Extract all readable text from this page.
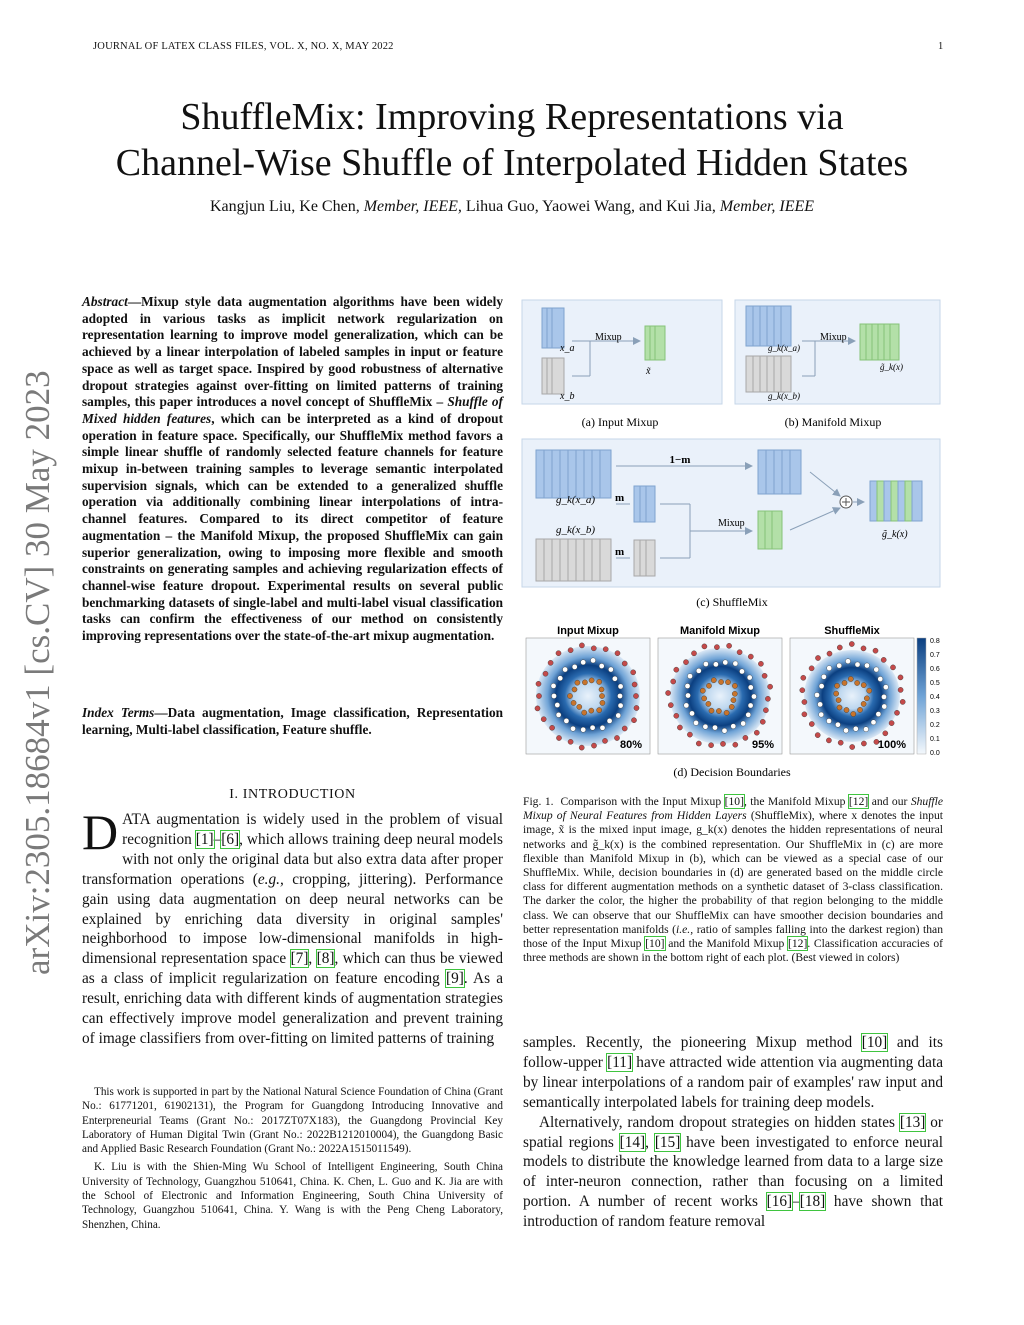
JOURNAL OF LATEX CLASS FILES, VOL. X, NO. X, MAY 2022	1
ShuffleMix: Improving Representations via
Channel-Wise Shuffle of Interpolated Hidden States
Kangjun Liu, Ke Chen, Member, IEEE, Lihua Guo, Yaowei Wang, and Kui Jia, Member, IEEE
arXiv:2305.18684v1 [cs.CV] 30 May 2023
Abstract—Mixup style data augmentation algorithms have been widely adopted in various tasks as implicit network regularization on representation learning to improve model generalization, which can be achieved by a linear interpolation of labeled samples in input or feature space as well as target space. Inspired by good robustness of alternative dropout strategies against over-fitting on limited patterns of training samples, this paper introduces a novel concept of ShuffleMix – Shuffle of Mixed hidden features, which can be interpreted as a kind of dropout operation in feature space. Specifically, our ShuffleMix method favors a simple linear shuffle of randomly selected feature channels for feature mixup in-between training samples to leverage semantic interpolated supervision signals, which can be extended to a generalized shuffle operation via additionally combining linear interpolations of intra-channel features. Compared to its direct competitor of feature augmentation – the Manifold Mixup, the proposed ShuffleMix can gain superior generalization, owing to imposing more flexible and smooth constraints on generating samples and achieving regularization effects of channel-wise feature dropout. Experimental results on several public benchmarking datasets of single-label and multi-label visual classification tasks can confirm the effectiveness of our method on consistently improving representations over the state-of-the-art mixup augmentation.
Index Terms—Data augmentation, Image classification, Representation learning, Multi-label classification, Feature shuffle.
I. INTRODUCTION
DATA augmentation is widely used in the problem of visual recognition [1]–[6], which allows training deep neural models with not only the original data but also extra data after proper transformation operations (e.g., cropping, jittering). Performance gain using data augmentation on deep neural networks can be explained by enriching data diversity in original samples' neighborhood to impose low-dimensional manifolds in high-dimensional representation space [7], [8], which can thus be viewed as a class of implicit regularization on feature encoding [9]. As a result, enriching data with different kinds of augmentation strategies can effectively improve model generalization and prevent training of image classifiers from over-fitting on limited patterns of training

This work is supported in part by the National Natural Science Foundation of China (Grant No.: 61771201, 61902131), the Program for Guangdong Introducing Innovative and Enterpreneurial Teams (Grant No.: 2017ZT07X183), the Guangdong Provincial Key Laboratory of Human Digital Twin (Grant No.: 2022B1212010004), the Guangdong Basic and Applied Basic Research Foundation (Grant No.: 2022A1515011549).

K. Liu is with the Shien-Ming Wu School of Intelligent Engineering, South China University of Technology, Guangzhou 510641, China. K. Chen, L. Guo and K. Jia are with the School of Electronic and Information Engineering, South China University of Technology, Guangzhou 510641, China. Y. Wang is with the Peng Cheng Laboratory, Shenzhen, China.

x_a
x_b
Mixup
x̃
g_k(x_a)
g_k(x_b)
Mixup
g̃_k(x)
(a) Input Mixup	(b) Manifold Mixup
g_k(x_a)
g_k(x_b)
1−m
m
m
Mixup
g̃_k(x)
(c) ShuffleMix
Input Mixup	Manifold Mixup	ShuffleMix
80%	95%	100%
0.8
0.7
0.6
0.5
0.4
0.3
0.2
0.1
0.0
(d) Decision Boundaries
Fig. 1. Comparison with the Input Mixup [10], the Manifold Mixup [12] and our Shuffle Mixup of Neural Features from Hidden Layers (ShuffleMix), where x denotes the input image, x̃ is the mixed input image, g_k(x) denotes the hidden representations of neural networks and g̃_k(x) is the combined representation. Our ShuffleMix in (c) are more flexible than Manifold Mixup in (b), which can be viewed as a special case of our ShuffleMix. While, decision boundaries in (d) are generated based on the middle circle class for different augmentation methods on a synthetic dataset of 3-class classification. The darker the color, the higher the probability of that region belonging to the middle class. We can observe that our ShuffleMix can have smoother decision boundaries and better representation manifolds (i.e., ratio of samples falling into the darkest region) than those of the Input Mixup [10] and the Manifold Mixup [12]. Classification accuracies of three methods are shown in the bottom right of each plot. (Best viewed in colors)

samples. Recently, the pioneering Mixup method [10] and its follow-upper [11] have attracted wide attention via augmenting data by linear interpolations of a random pair of examples' raw input and semantically interpolated labels for training deep models.

Alternatively, random dropout strategies on hidden states [13] or spatial regions [14], [15] have been investigated to enforce neural models to distribute the knowledge learned from data to a large size of inter-neuron connection, rather than focusing on a limited portion. A number of recent works [16]–[18] have shown that introduction of random feature removal
